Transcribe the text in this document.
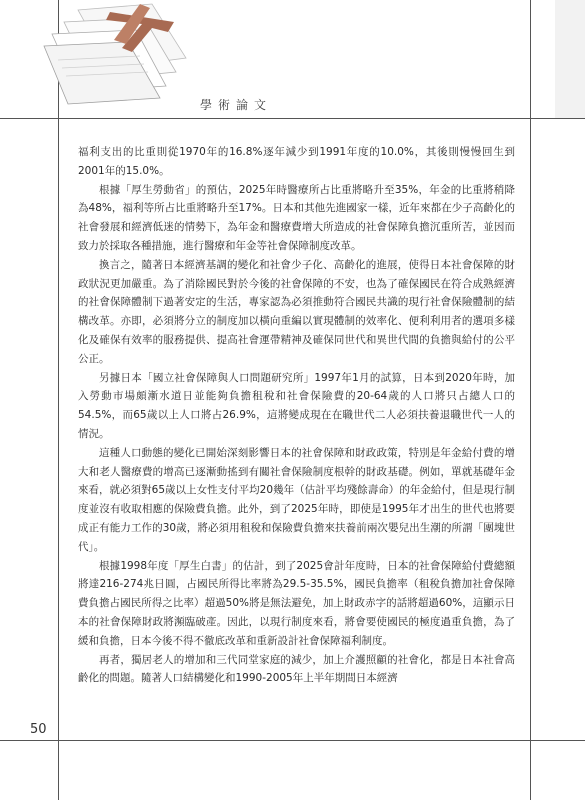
學術論文

福利支出的比重則從1970年的16.8%逐年減少到1991年度的10.0%，其後則慢慢回生到2001年的15.0%。

根據「厚生勞動省」的預估，2025年時醫療所占比重將略升至35%，年金的比重將稍降為48%，福利等所占比重將略升至17%。日本和其他先進國家一樣，近年來都在少子高齡化的社會發展和經濟低迷的情勢下，為年金和醫療費增大所造成的社會保障負擔沉重所苦，並因而致力於採取各種措施，進行醫療和年金等社會保障制度改革。

換言之，隨著日本經濟基調的變化和社會少子化、高齡化的進展，使得日本社會保障的財政狀況更加嚴重。為了消除國民對於今後的社會保障的不安，也為了確保國民在符合成熟經濟的社會保障體制下過著安定的生活，專家認為必須推動符合國民共識的現行社會保險體制的結構改革。亦即，必須將分立的制度加以橫向重編以實現體制的效率化、便利利用者的選項多樣化及確保有效率的服務提供、提高社會運帶精神及確保同世代和異世代間的負擔與給付的公平公正。

另據日本「國立社會保障與人口問題研究所」1997年1月的試算，日本到2020年時，加入勞動市場頗漸水道日並能夠負擔租稅和社會保險費的20-64歲的人口將只占總人口的54.5%，而65歲以上人口將占26.9%，這將變成現在在職世代二人必須扶養退職世代一人的情況。

這種人口動態的變化已開始深刻影響日本的社會保障和財政政策，特別是年金給付費的增大和老人醫療費的增高已逐漸動搖到有關社會保險制度根幹的財政基礎。例如，單就基礎年金來看，就必須對65歲以上女性支付平均20幾年（估計平均殘餘壽命）的年金給付，但是現行制度並沒有收取相應的保險費負擔。此外，到了2025年時，即使是1995年才出生的世代也將要成正有能力工作的30歲，將必須用租稅和保險費負擔來扶養前兩次嬰兒出生潮的所謂「團塊世代」。

根據1998年度「厚生白書」的估計，到了2025會計年度時，日本的社會保障給付費總額將達216-274兆日圓，占國民所得比率將為29.5-35.5%，國民負擔率（租稅負擔加社會保障費負擔占國民所得之比率）超過50%將是無法避免，加上財政赤字的話將超過60%，這顯示日本的社會保障財政將瀕臨破產。因此，以現行制度來看，將會要使國民的極度過重負擔，為了緩和負擔，日本今後不得不徹底改革和重新設計社會保障福利制度。

再者，獨居老人的增加和三代同堂家庭的減少，加上介護照顧的社會化，都是日本社會高齡化的問題。隨著人口結構變化和1990-2005年上半年期間日本經濟

50
